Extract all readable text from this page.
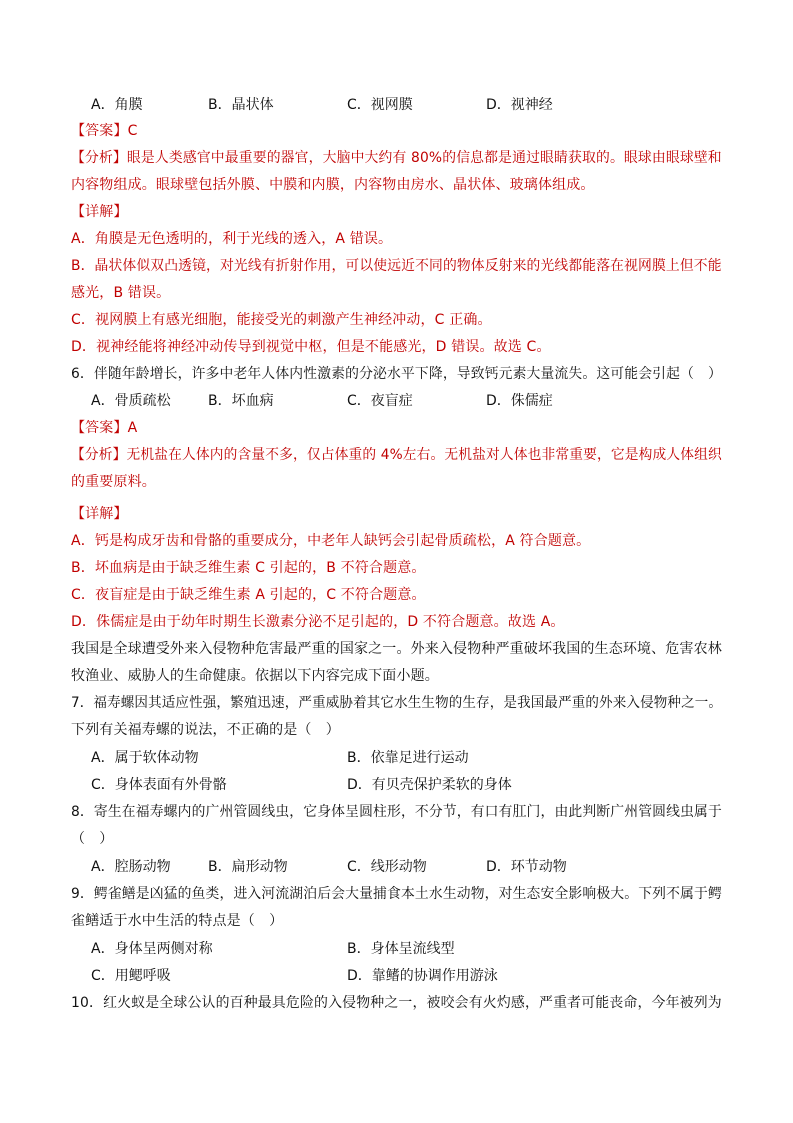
A．角膜	B．晶状体	C．视网膜	D．视神经
【答案】C
【分析】眼是人类感官中最重要的器官，大脑中大约有 80%的信息都是通过眼睛获取的。眼球由眼球壁和
内容物组成。眼球壁包括外膜、中膜和内膜，内容物由房水、晶状体、玻璃体组成。
【详解】
A．角膜是无色透明的，利于光线的透入，A 错误。
B．晶状体似双凸透镜，对光线有折射作用，可以使远近不同的物体反射来的光线都能落在视网膜上但不能
感光，B 错误。
C．视网膜上有感光细胞，能接受光的刺激产生神经冲动，C 正确。
D．视神经能将神经冲动传导到视觉中枢，但是不能感光，D 错误。故选 C。
6．伴随年龄增长，许多中老年人体内性激素的分泌水平下降，导致钙元素大量流失。这可能会引起（　）
A．骨质疏松	B．坏血病	C．夜盲症	D．侏儒症
【答案】A
【分析】无机盐在人体内的含量不多，仅占体重的 4%左右。无机盐对人体也非常重要，它是构成人体组织
的重要原料。
【详解】
A．钙是构成牙齿和骨骼的重要成分，中老年人缺钙会引起骨质疏松，A 符合题意。
B．坏血病是由于缺乏维生素 C 引起的，B 不符合题意。
C．夜盲症是由于缺乏维生素 A 引起的，C 不符合题意。
D．侏儒症是由于幼年时期生长激素分泌不足引起的，D 不符合题意。故选 A。
我国是全球遭受外来入侵物种危害最严重的国家之一。外来入侵物种严重破坏我国的生态环境、危害农林
牧渔业、威胁人的生命健康。依据以下内容完成下面小题。
7．福寿螺因其适应性强，繁殖迅速，严重威胁着其它水生生物的生存，是我国最严重的外来入侵物种之一。
下列有关福寿螺的说法，不正确的是（　）
A．属于软体动物	B．依靠足进行运动
C．身体表面有外骨骼	D．有贝壳保护柔软的身体
8．寄生在福寿螺内的广州管圆线虫，它身体呈圆柱形，不分节，有口有肛门，由此判断广州管圆线虫属于
（　）
A．腔肠动物	B．扁形动物	C．线形动物	D．环节动物
9．鳄雀鳝是凶猛的鱼类，进入河流湖泊后会大量捕食本土水生动物，对生态安全影响极大。下列不属于鳄
雀鳝适于水中生活的特点是（　）
A．身体呈两侧对称	B．身体呈流线型
C．用鳃呼吸	D．靠鳍的协调作用游泳
10．红火蚁是全球公认的百种最具危险的入侵物种之一，被咬会有火灼感，严重者可能丧命，今年被列为
